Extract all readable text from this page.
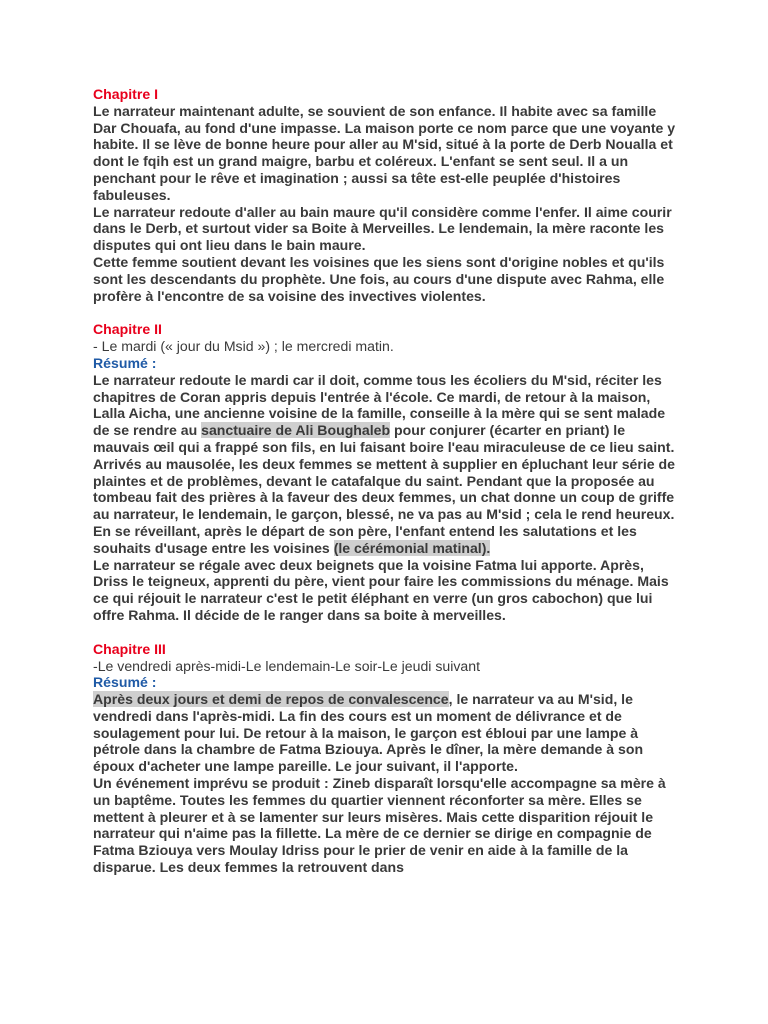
Chapitre I

Le narrateur maintenant adulte, se souvient de son enfance. Il habite avec sa famille Dar Chouafa, au fond d'une impasse. La maison porte ce nom parce que une voyante y habite. Il se lève de bonne heure pour aller au M'sid, situé à la porte de Derb Noualla et dont le fqih est un grand maigre, barbu et coléreux. L'enfant se sent seul. Il a un penchant pour le rêve et imagination ; aussi sa tête est-elle peuplée d'histoires fabuleuses.

Le narrateur redoute d'aller au bain maure qu'il considère comme l'enfer. Il aime courir dans le Derb, et surtout vider sa Boite à Merveilles. Le lendemain, la mère raconte les disputes qui ont lieu dans le bain maure.

Cette femme soutient devant les voisines que les siens sont d'origine nobles et qu'ils sont les descendants du prophète. Une fois, au cours d'une dispute avec Rahma, elle profère à l'encontre de sa voisine des invectives violentes.

Chapitre II

- Le mardi (« jour du Msid ») ; le mercredi matin.

Résumé :

Le narrateur redoute le mardi car il doit, comme tous les écoliers du M'sid, réciter les chapitres de Coran appris depuis l'entrée à l'école. Ce mardi, de retour à la maison, Lalla Aicha, une ancienne voisine de la famille, conseille à la mère qui se sent malade de se rendre au sanctuaire de Ali Boughaleb pour conjurer (écarter en priant) le mauvais œil qui a frappé son fils, en lui faisant boire l'eau miraculeuse de ce lieu saint. Arrivés au mausolée, les deux femmes se mettent à supplier en épluchant leur série de plaintes et de problèmes, devant le catafalque du saint. Pendant que la proposée au tombeau fait des prières à la faveur des deux femmes, un chat donne un coup de griffe au narrateur, le lendemain, le garçon, blessé, ne va pas au M'sid ; cela le rend heureux. En se réveillant, après le départ de son père, l'enfant entend les salutations et les souhaits d'usage entre les voisines (le cérémonial matinal).

Le narrateur se régale avec deux beignets que la voisine Fatma lui apporte. Après, Driss le teigneux, apprenti du père, vient pour faire les commissions du ménage. Mais ce qui réjouit le narrateur c'est le petit éléphant en verre (un gros cabochon) que lui offre Rahma. Il décide de le ranger dans sa boite à merveilles.

Chapitre III

-Le vendredi après-midi-Le lendemain-Le soir-Le jeudi suivant

Résumé :

Après deux jours et demi de repos de convalescence, le narrateur va au M'sid, le vendredi dans l'après-midi. La fin des cours est un moment de délivrance et de soulagement pour lui. De retour à la maison, le garçon est ébloui par une lampe à pétrole dans la chambre de Fatma Bziouya. Après le dîner, la mère demande à son époux d'acheter une lampe pareille. Le jour suivant, il l'apporte.

Un événement imprévu se produit : Zineb disparaît lorsqu'elle accompagne sa mère à un baptême. Toutes les femmes du quartier viennent réconforter sa mère. Elles se mettent à pleurer et à se lamenter sur leurs misères. Mais cette disparition réjouit le narrateur qui n'aime pas la fillette. La mère de ce dernier se dirige en compagnie de Fatma Bziouya vers Moulay Idriss pour le prier de venir en aide à la famille de la disparue. Les deux femmes la retrouvent dans
